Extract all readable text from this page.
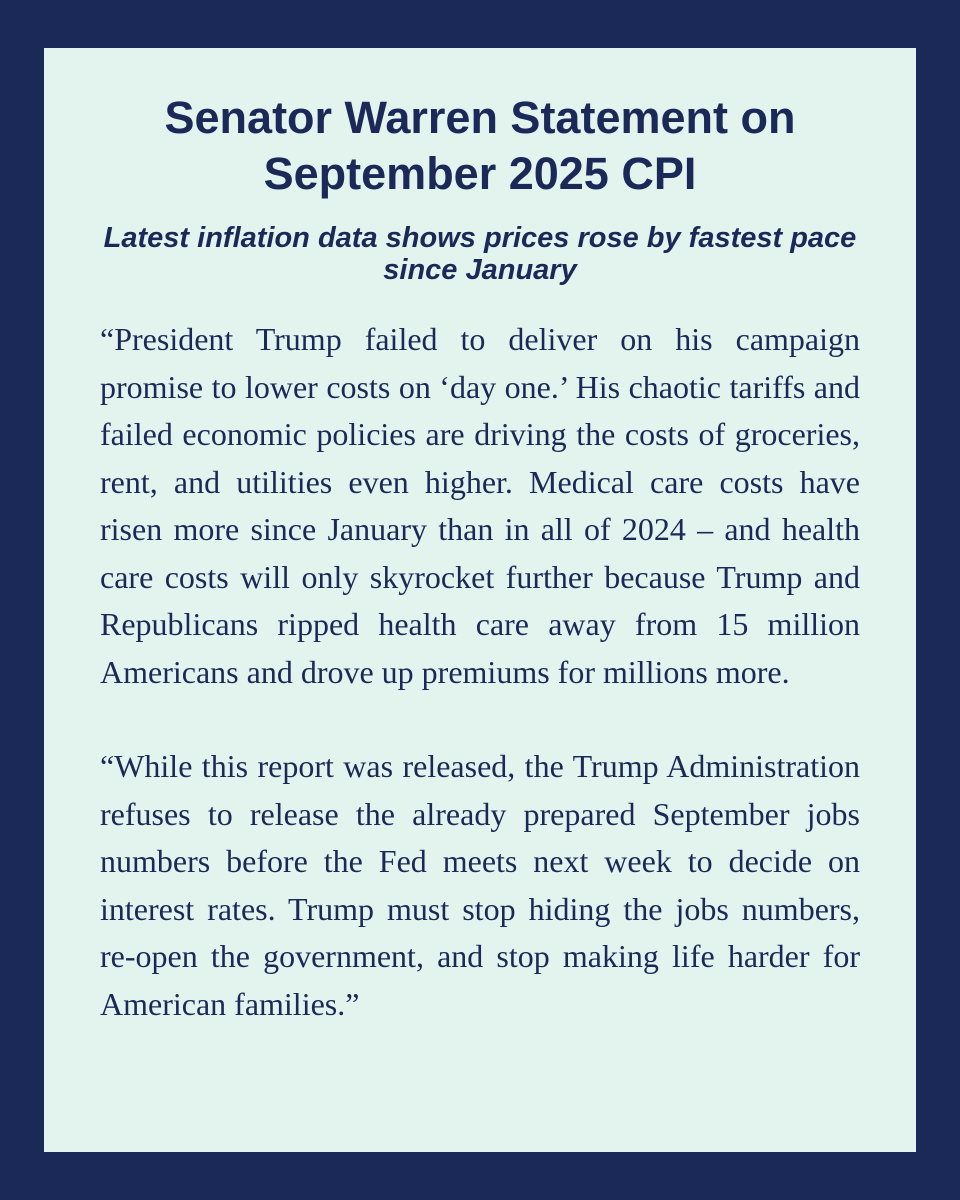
Senator Warren Statement on September 2025 CPI
Latest inflation data shows prices rose by fastest pace since January

“President Trump failed to deliver on his campaign promise to lower costs on ‘day one.’ His chaotic tariffs and failed economic policies are driving the costs of groceries, rent, and utilities even higher. Medical care costs have risen more since January than in all of 2024 – and health care costs will only skyrocket further because Trump and Republicans ripped health care away from 15 million Americans and drove up premiums for millions more.

“While this report was released, the Trump Administration refuses to release the already prepared September jobs numbers before the Fed meets next week to decide on interest rates. Trump must stop hiding the jobs numbers, re-open the government, and stop making life harder for American families.”
